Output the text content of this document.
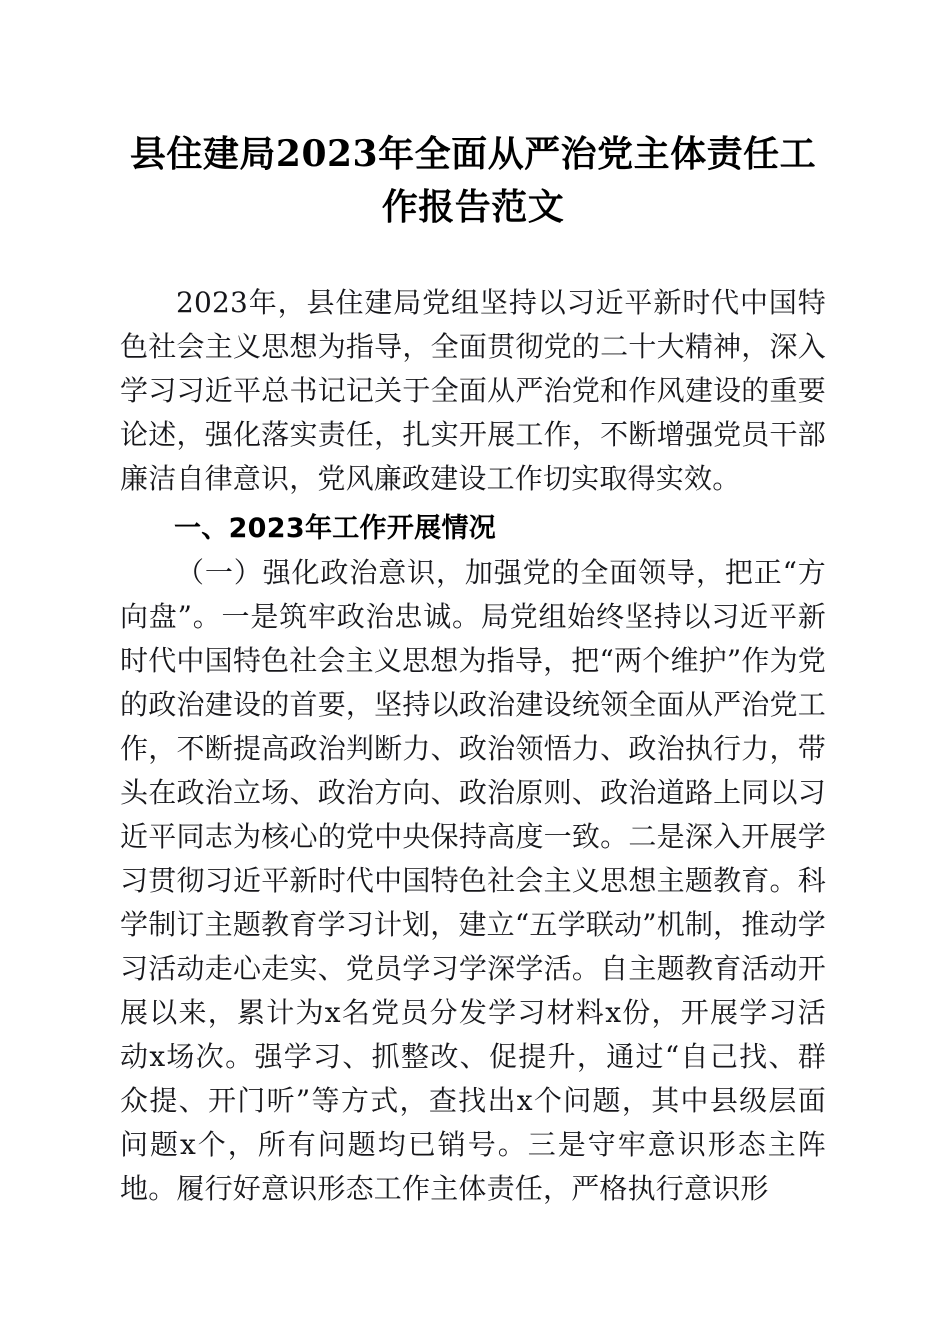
县住建局2023年全面从严治党主体责任工作报告范文

2023年，县住建局党组坚持以习近平新时代中国特色社会主义思想为指导，全面贯彻党的二十大精神，深入学习习近平总书记记关于全面从严治党和作风建设的重要论述，强化落实责任，扎实开展工作，不断增强党员干部廉洁自律意识，党风廉政建设工作切实取得实效。

一、2023年工作开展情况

（一）强化政治意识，加强党的全面领导，把正“方向盘”。一是筑牢政治忠诚。局党组始终坚持以习近平新时代中国特色社会主义思想为指导，把“两个维护”作为党的政治建设的首要，坚持以政治建设统领全面从严治党工作，不断提高政治判断力、政治领悟力、政治执行力，带头在政治立场、政治方向、政治原则、政治道路上同以习近平同志为核心的党中央保持高度一致。二是深入开展学习贯彻习近平新时代中国特色社会主义思想主题教育。科学制订主题教育学习计划，建立“五学联动”机制，推动学习活动走心走实、党员学习学深学活。自主题教育活动开展以来，累计为x名党员分发学习材料x份，开展学习活动x场次。强学习、抓整改、促提升，通过“自己找、群众提、开门听”等方式，查找出x个问题，其中县级层面问题x个，所有问题均已销号。三是守牢意识形态主阵地。履行好意识形态工作主体责任，严格执行意识形
